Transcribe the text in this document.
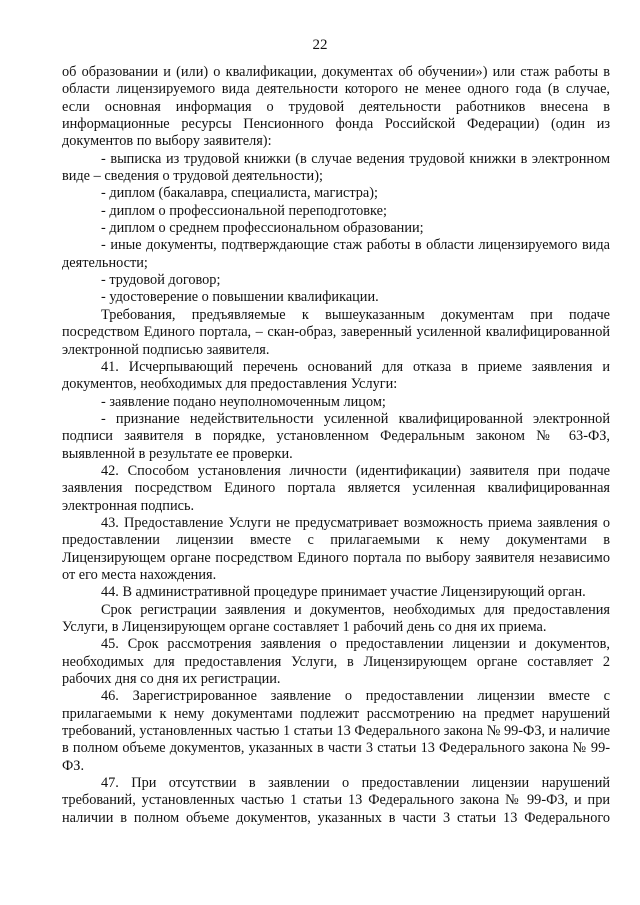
22

об образовании и (или) о квалификации, документах об обучении») или стаж работы в области лицензируемого вида деятельности которого не менее одного года (в случае, если основная информация о трудовой деятельности работников внесена в информационные ресурсы Пенсионного фонда Российской Федерации) (один из документов по выбору заявителя):

- выписка из трудовой книжки (в случае ведения трудовой книжки в электронном виде – сведения о трудовой деятельности);

- диплом (бакалавра, специалиста, магистра);

- диплом о профессиональной переподготовке;

- диплом о среднем профессиональном образовании;

- иные документы, подтверждающие стаж работы в области лицензируемого вида деятельности;

- трудовой договор;

- удостоверение о повышении квалификации.

Требования, предъявляемые к вышеуказанным документам при подаче посредством Единого портала, – скан-образ, заверенный усиленной квалифицированной электронной подписью заявителя.

41. Исчерпывающий перечень оснований для отказа в приеме заявления и документов, необходимых для предоставления Услуги:

- заявление подано неуполномоченным лицом;

- признание недействительности усиленной квалифицированной электронной подписи заявителя в порядке, установленном Федеральным законом № 63-ФЗ, выявленной в результате ее проверки.

42. Способом установления личности (идентификации) заявителя при подаче заявления посредством Единого портала является усиленная квалифицированная электронная подпись.

43. Предоставление Услуги не предусматривает возможность приема заявления о предоставлении лицензии вместе с прилагаемыми к нему документами в Лицензирующем органе посредством Единого портала по выбору заявителя независимо от его места нахождения.

44. В административной процедуре принимает участие Лицензирующий орган.

Срок регистрации заявления и документов, необходимых для предоставления Услуги, в Лицензирующем органе составляет 1 рабочий день со дня их приема.

45. Срок рассмотрения заявления о предоставлении лицензии и документов, необходимых для предоставления Услуги, в Лицензирующем органе составляет 2 рабочих дня со дня их регистрации.

46. Зарегистрированное заявление о предоставлении лицензии вместе с прилагаемыми к нему документами подлежит рассмотрению на предмет нарушений требований, установленных частью 1 статьи 13 Федерального закона № 99-ФЗ, и наличие в полном объеме документов, указанных в части 3 статьи 13 Федерального закона № 99-ФЗ.

47. При отсутствии в заявлении о предоставлении лицензии нарушений требований, установленных частью 1 статьи 13 Федерального закона № 99-ФЗ, и при наличии в полном объеме документов, указанных в части 3 статьи 13 Федерального
